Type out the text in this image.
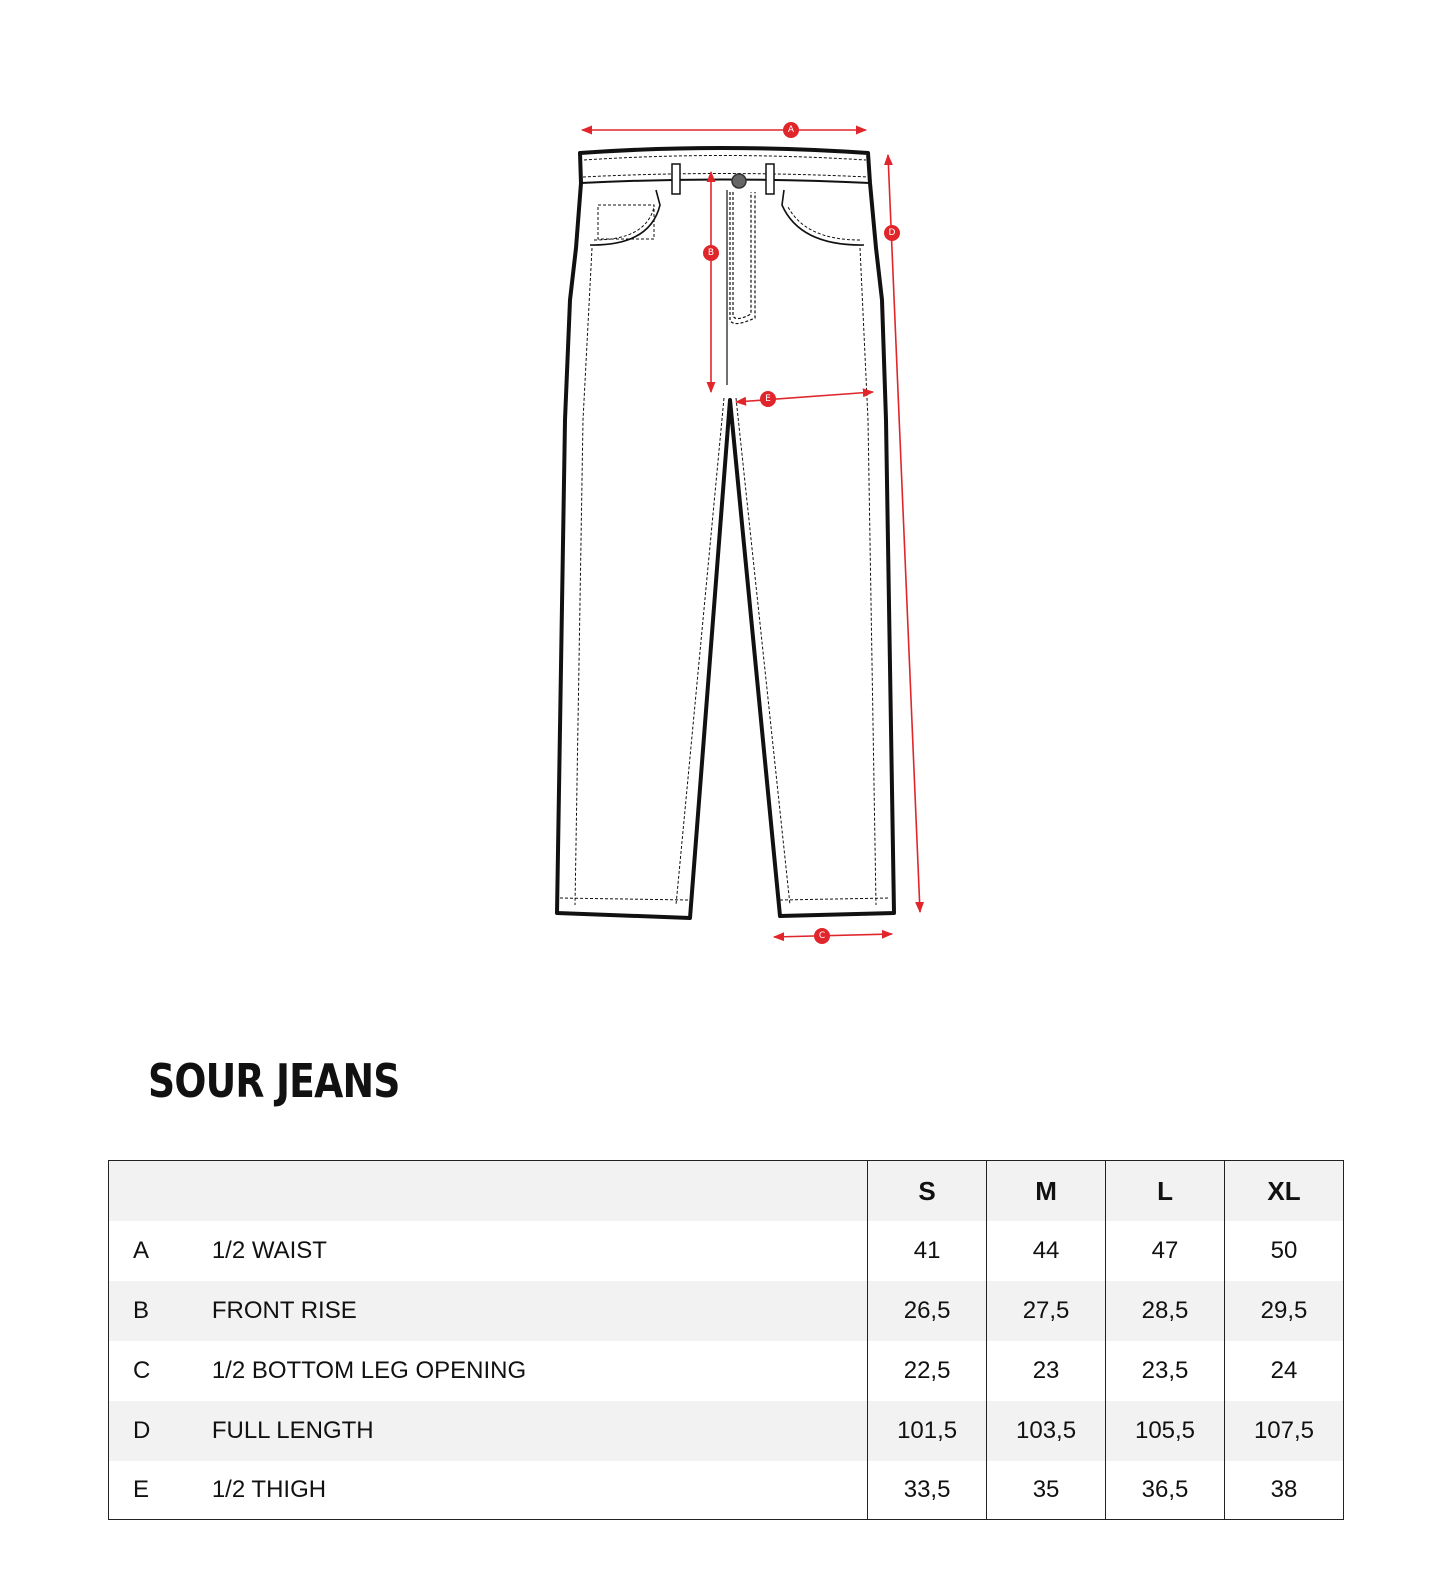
A
B
C
D
E
SOUR JEANS
		S	M	L	XL
A	1/2 WAIST	41	44	47	50
B	FRONT RISE	26,5	27,5	28,5	29,5
C	1/2 BOTTOM LEG OPENING	22,5	23	23,5	24
D	FULL LENGTH	101,5	103,5	105,5	107,5
E	1/2 THIGH	33,5	35	36,5	38
